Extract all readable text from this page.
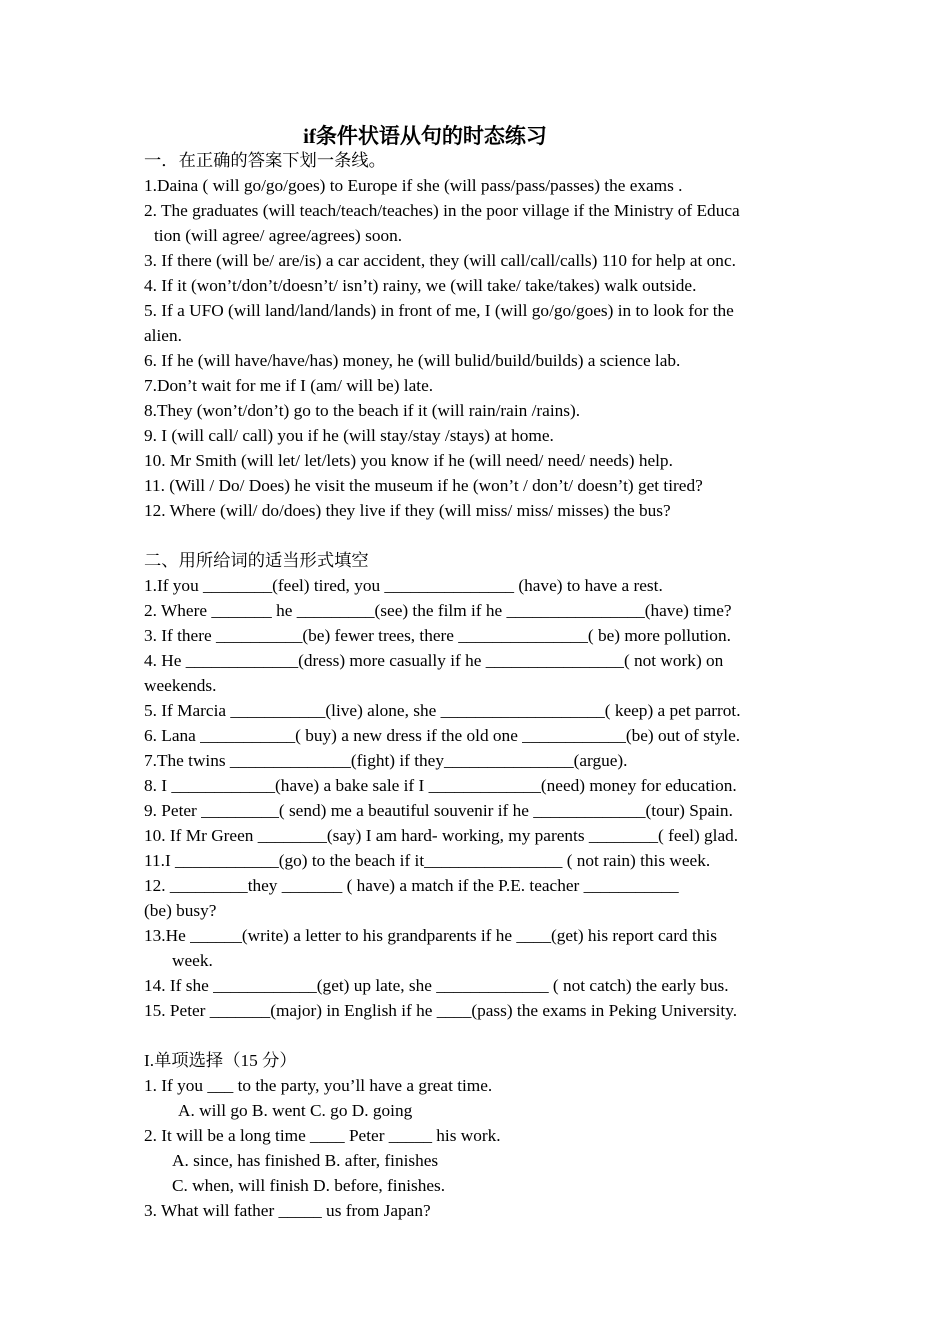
if条件状语从句的时态练习
一．在正确的答案下划一条线。
1.Daina ( will go/go/goes) to Europe if she (will pass/pass/passes) the exams .
2. The graduates (will teach/teach/teaches) in the poor village if the Ministry of Educa
tion (will agree/ agree/agrees) soon.
3. If there (will be/ are/is) a car accident, they (will call/call/calls) 110 for help at onc.
4. If it (won’t/don’t/doesn’t/ isn’t) rainy, we (will take/ take/takes) walk outside.
5. If a UFO (will land/land/lands) in front of me, I (will go/go/goes) in to look for the
alien.
6. If he (will have/have/has) money, he (will bulid/build/builds) a science lab.
7.Don’t wait for me if I (am/ will be) late.
8.They (won’t/don’t) go to the beach if it (will rain/rain /rains).
9. I (will call/ call) you if he (will stay/stay /stays) at home.
10. Mr Smith (will let/ let/lets) you know if he (will need/ need/ needs) help.
11. (Will / Do/ Does) he visit the museum if he (won’t / don’t/ doesn’t) get tired?
12. Where (will/ do/does) they live if they (will miss/ miss/ misses) the bus?
二、用所给词的适当形式填空
1.If you ________(feel) tired, you _______________ (have) to have a rest.
2. Where _______ he _________(see) the film if he ________________(have) time?
3. If there __________(be) fewer trees, there _______________( be) more pollution.
4. He _____________(dress) more casually if he ________________( not work) on
weekends.
5. If Marcia ___________(live) alone, she ___________________( keep) a pet parrot.
6. Lana ___________( buy) a new dress if the old one ____________(be) out of style.
7.The twins ______________(fight) if they_______________(argue).
8. I ____________(have) a bake sale if I _____________(need) money for education.
9. Peter _________( send) me a beautiful souvenir if he _____________(tour) Spain.
10. If Mr Green ________(say) I am hard- working, my parents ________( feel) glad.
11.I ____________(go) to the beach if it________________ ( not rain) this week.
12. _________they _______ ( have) a match if the P.E. teacher ___________
(be) busy?
13.He ______(write) a letter to his grandparents if he ____(get) his report card this
week.
14. If she ____________(get) up late, she _____________ ( not catch) the early bus.
15. Peter _______(major) in English if he ____(pass) the exams in Peking University.
I.单项选择（15 分）
1. If you ___ to the party, you’ll have a great time.
A. will go B. went C. go D. going
2. It will be a long time ____ Peter _____ his work.
A. since, has finished B. after, finishes
C. when, will finish D. before, finishes.
3. What will father _____ us from Japan?
